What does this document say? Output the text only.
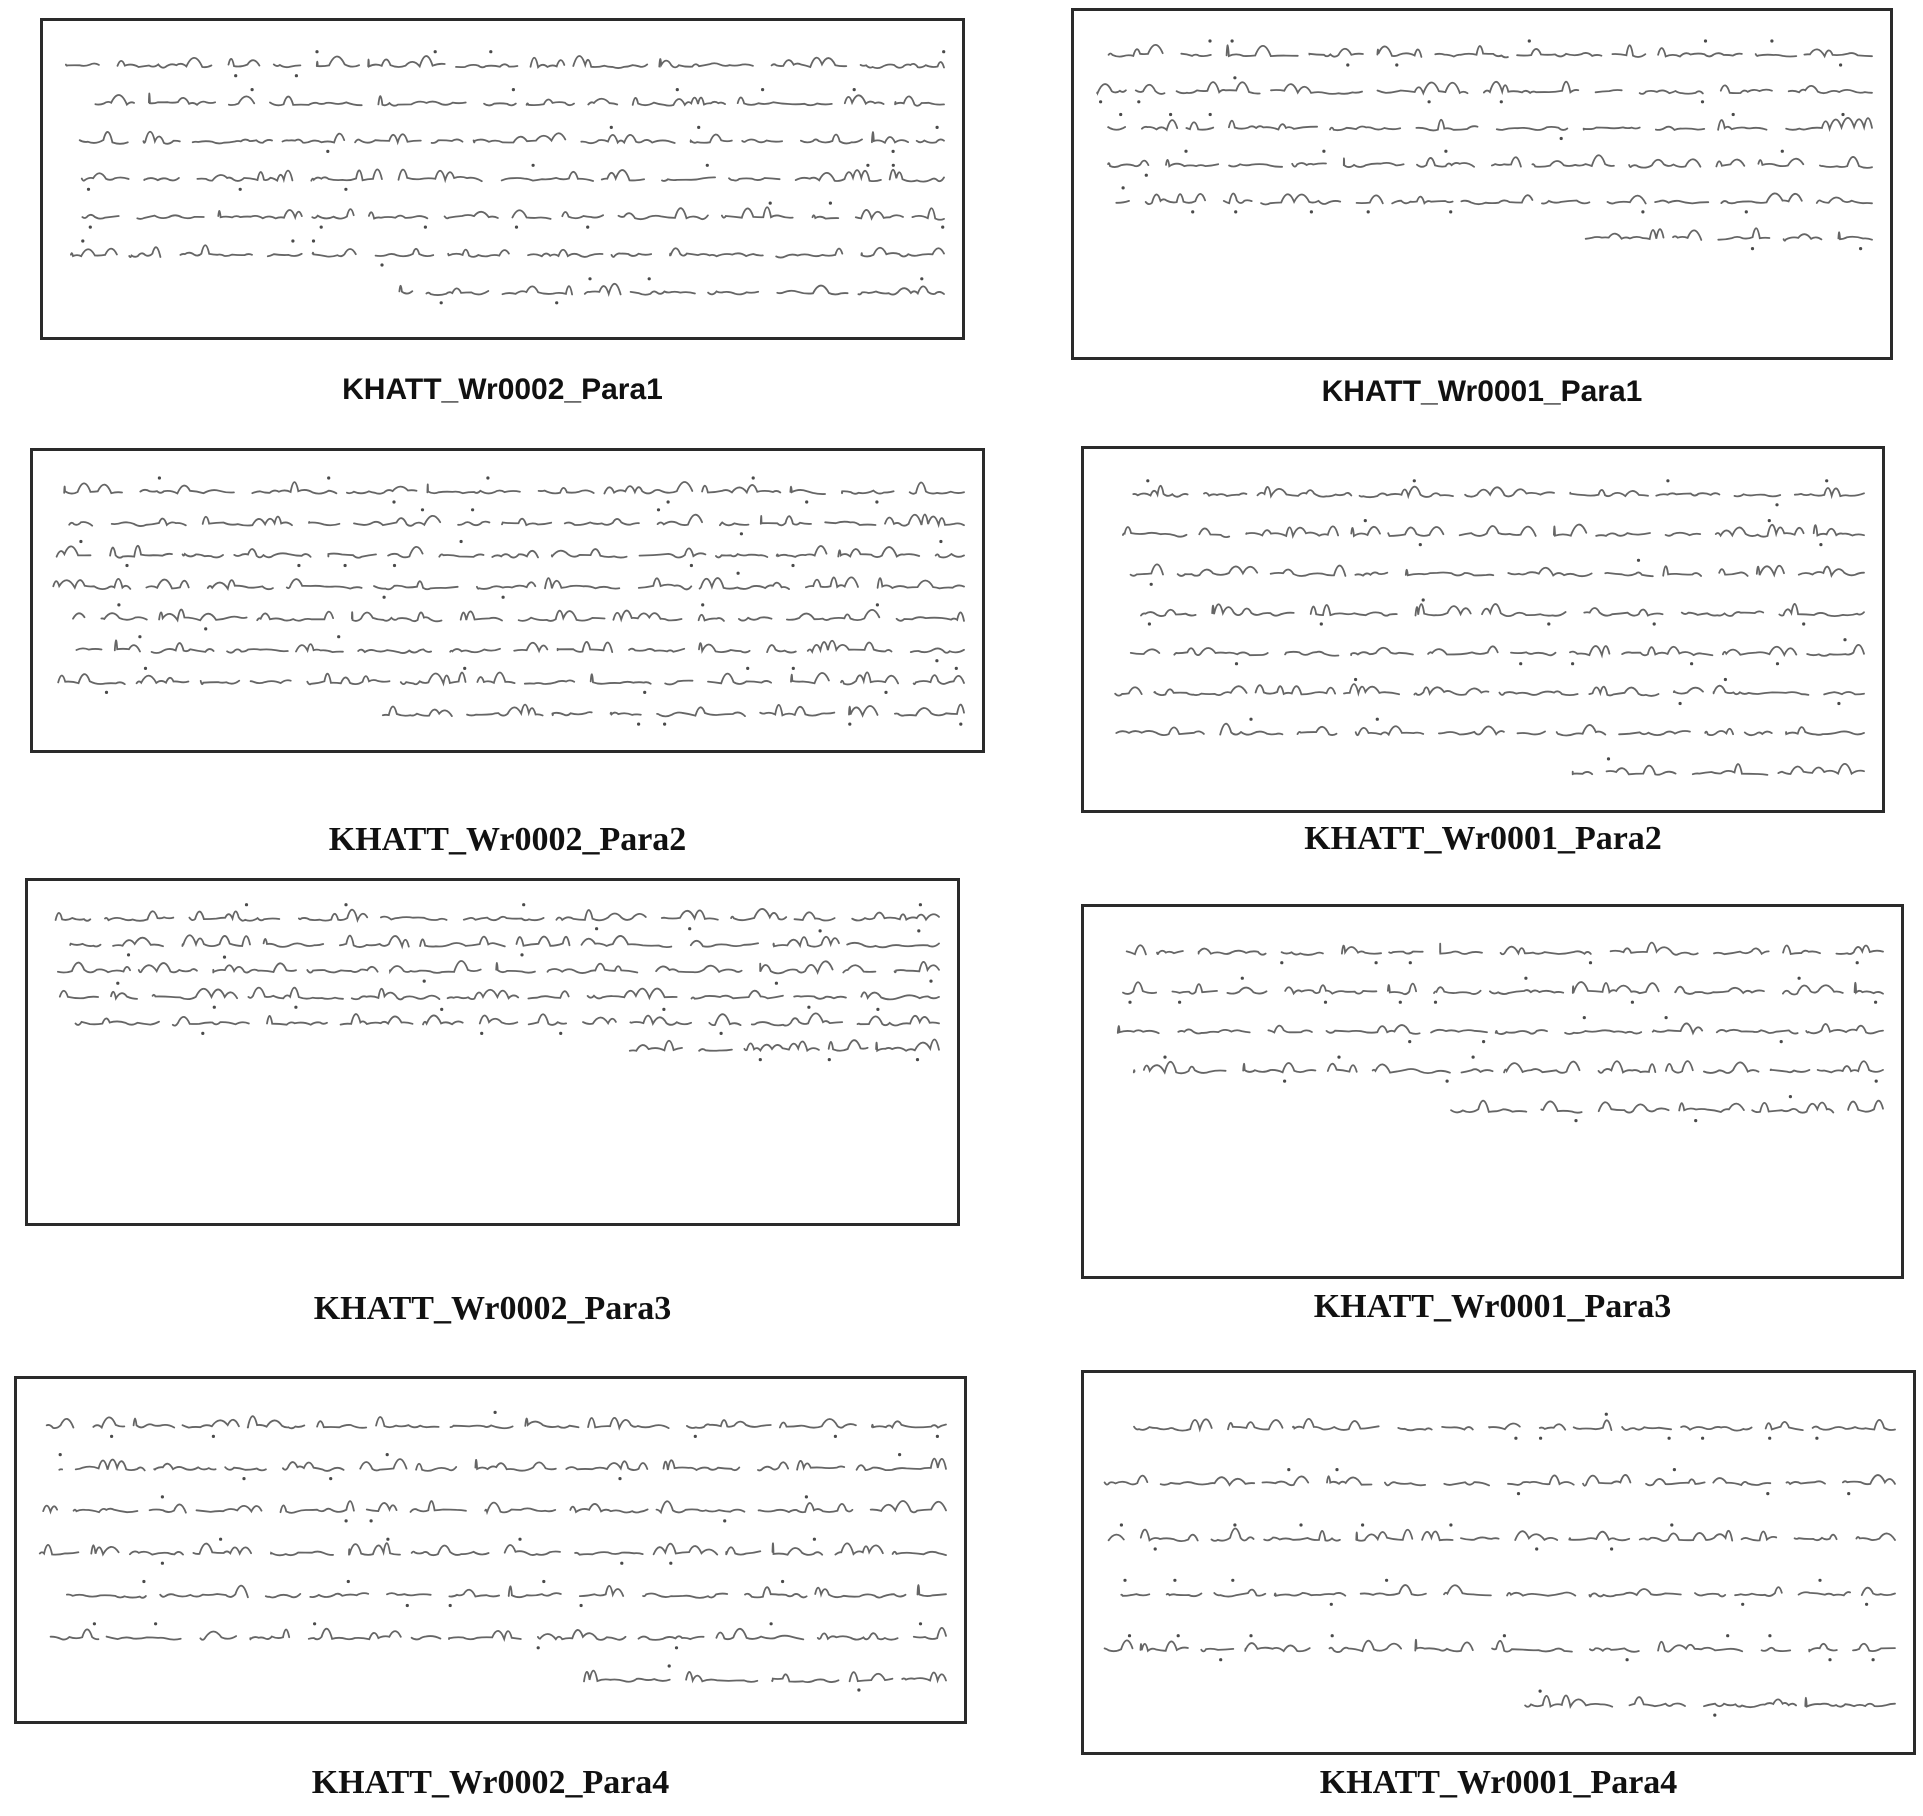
KHATT_Wr0002_Para1	KHATT_Wr0001_Para1
KHATT_Wr0002_Para2	KHATT_Wr0001_Para2
KHATT_Wr0002_Para3	KHATT_Wr0001_Para3
KHATT_Wr0002_Para4	KHATT_Wr0001_Para4
